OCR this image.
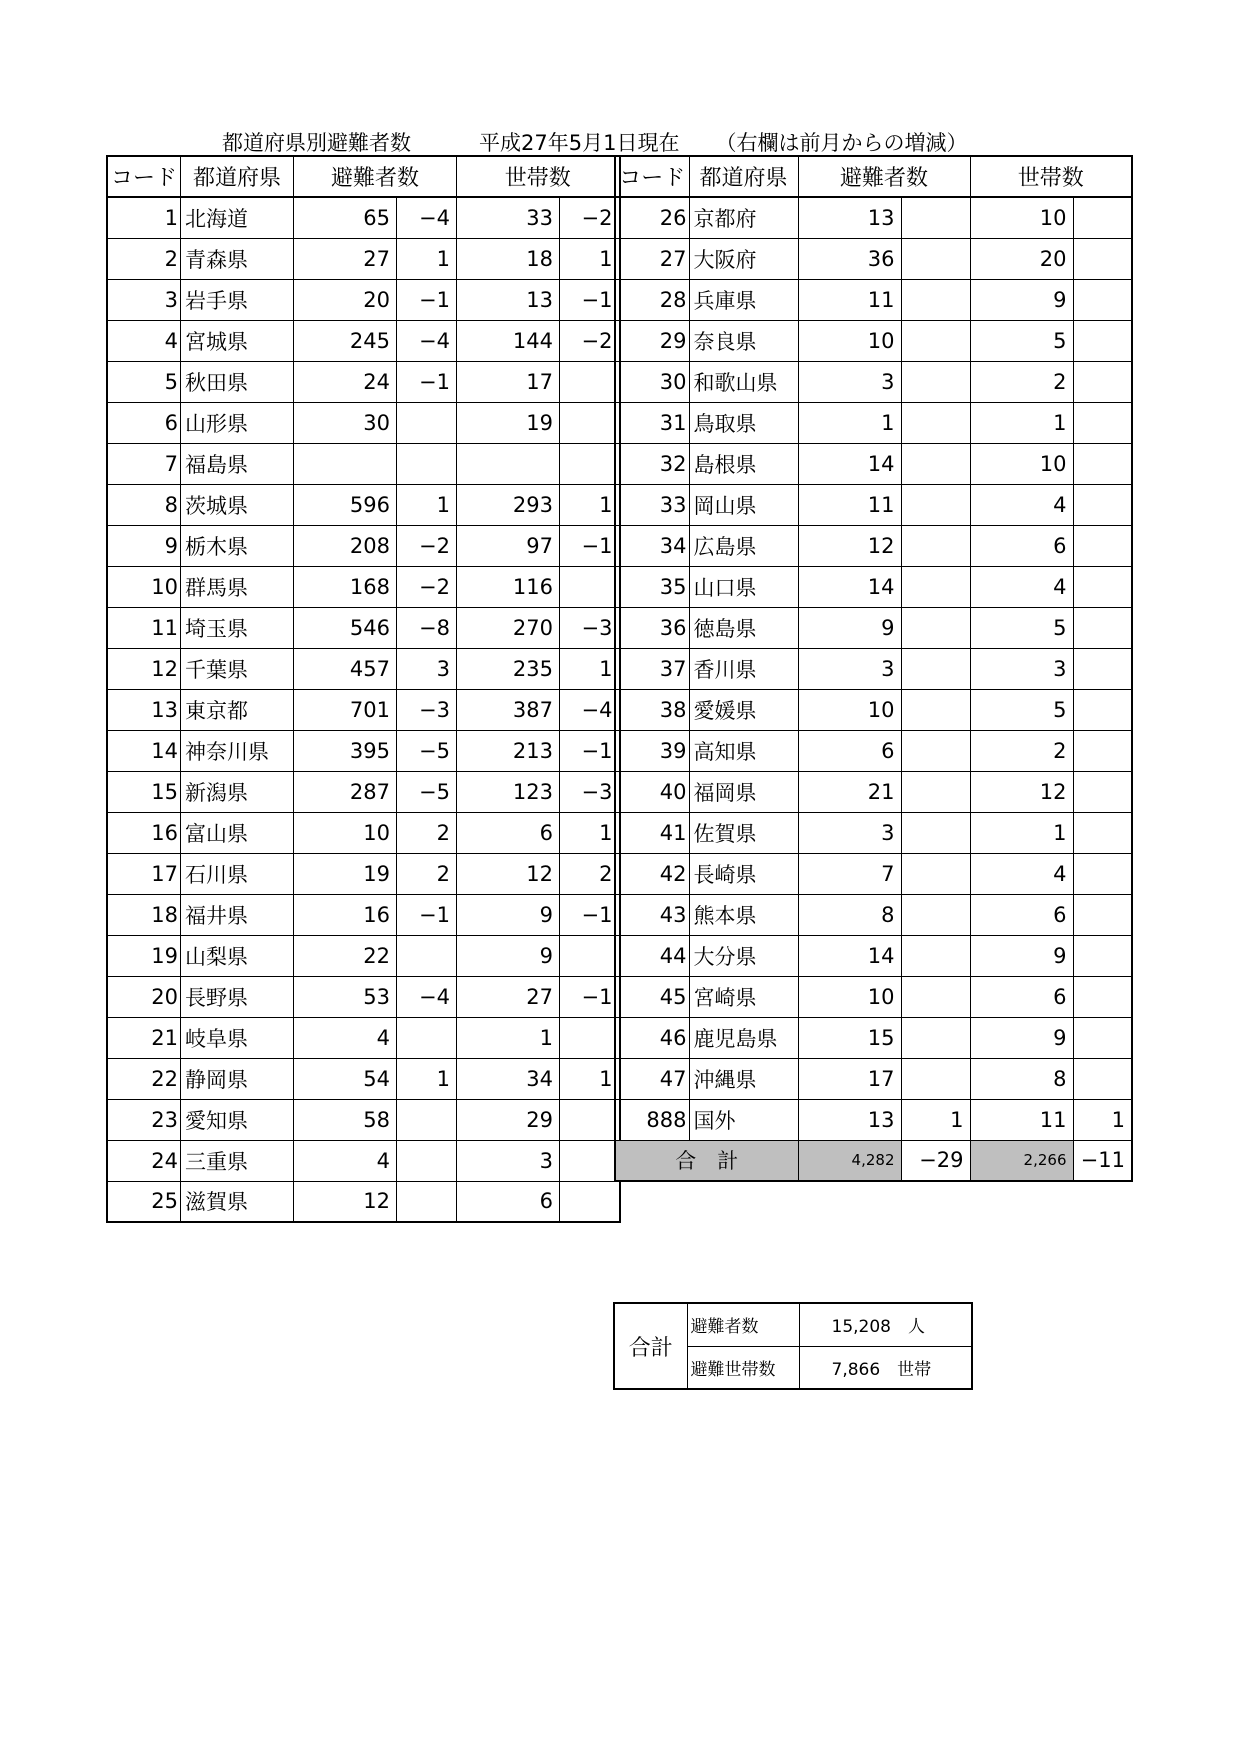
都道府県別避難者数	平成27年5月1日現在 （右欄は前月からの増減）
コード	都道府県	避難者数		世帯数	
1	北海道	65	−4	33	−2
2	青森県	27	1	18	1
3	岩手県	20	−1	13	−1
4	宮城県	245	−4	144	−2
5	秋田県	24	−1	17	
6	山形県	30		19	
7	福島県				
8	茨城県	596	1	293	1
9	栃木県	208	−2	97	−1
10	群馬県	168	−2	116	
11	埼玉県	546	−8	270	−3
12	千葉県	457	3	235	1
13	東京都	701	−3	387	−4
14	神奈川県	395	−5	213	−1
15	新潟県	287	−5	123	−3
16	富山県	10	2	6	1
17	石川県	19	2	12	2
18	福井県	16	−1	9	−1
19	山梨県	22		9	
20	長野県	53	−4	27	−1
21	岐阜県	4		1	
22	静岡県	54	1	34	1
23	愛知県	58		29	
24	三重県	4		3	
25	滋賀県	12		6	
コード	都道府県	避難者数		世帯数	
26	京都府	13		10	
27	大阪府	36		20	
28	兵庫県	11		9	
29	奈良県	10		5	
30	和歌山県	3		2	
31	鳥取県	1		1	
32	島根県	14		10	
33	岡山県	11		4	
34	広島県	12		6	
35	山口県	14		4	
36	徳島県	9		5	
37	香川県	3		3	
38	愛媛県	10		5	
39	高知県	6		2	
40	福岡県	21		12	
41	佐賀県	3		1	
42	長崎県	7		4	
43	熊本県	8		6	
44	大分県	14		9	
45	宮崎県	10		6	
46	鹿児島県	15		9	
47	沖縄県	17		8	
888	国外	13	1	11	1
合　計		4,282	−29	2,266	−11
合計	避難者数	15,208　 人
	避難世帯数	7,866　 世帯
